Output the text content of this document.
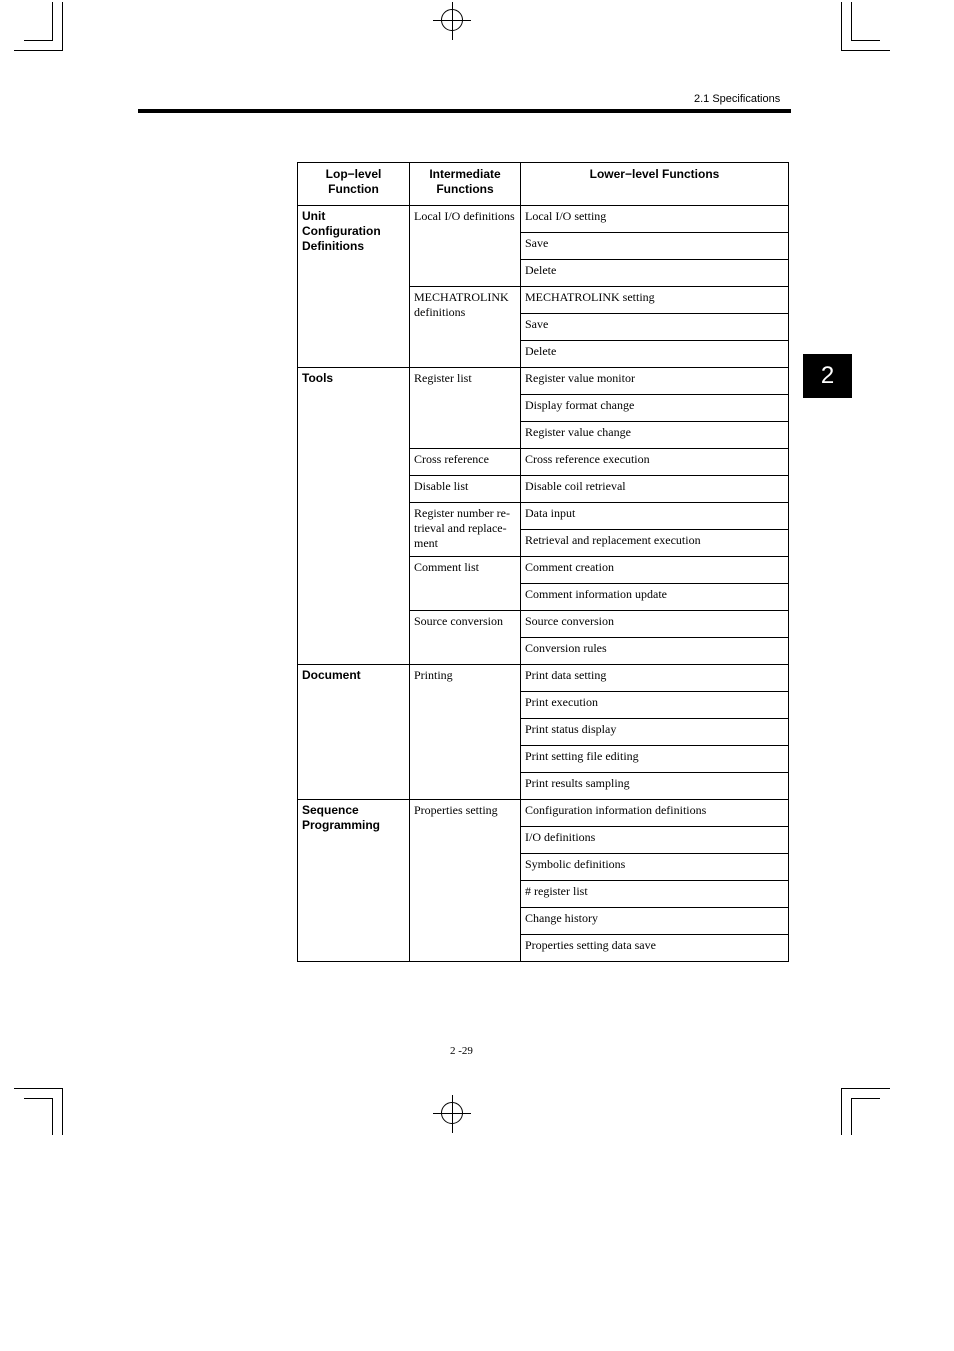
2.1 Specifications
2
Lop−level Function	Intermediate Functions	Lower−level Functions
Unit Configuration Definitions	Local I/O definitions	Local I/O setting
		Save
		Delete
	MECHATROLINK definitions	MECHATROLINK setting
		Save
		Delete
Tools	Register list	Register value monitor
		Display format change
		Register value change
	Cross reference	Cross reference execution
	Disable list	Disable coil retrieval
	Register number re- trieval and replace- ment	Data input
		Retrieval and replacement execution
	Comment list	Comment creation
		Comment information update
	Source conversion	Source conversion
		Conversion rules
Document	Printing	Print data setting
		Print execution
		Print status display
		Print setting file editing
		Print results sampling
Sequence Programming	Properties setting	Configuration information definitions
		I/O definitions
		Symbolic definitions
		# register list
		Change history
		Properties setting data save
2 -29
